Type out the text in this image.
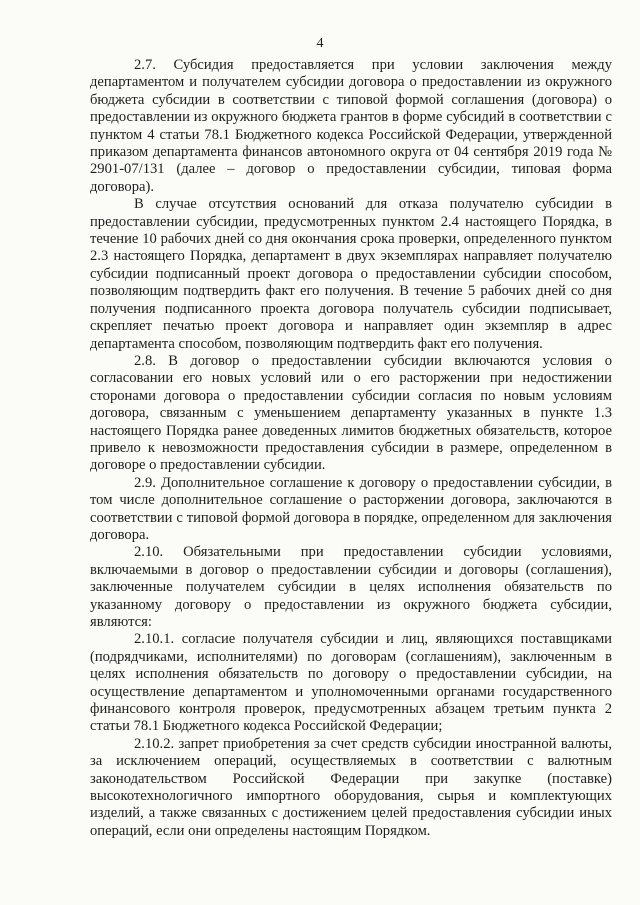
4

2.7. Субсидия предоставляется при условии заключения между департаментом и получателем субсидии договора о предоставлении из окружного бюджета субсидии в соответствии с типовой формой соглашения (договора) о предоставлении из окружного бюджета грантов в форме субсидий в соответствии с пунктом 4 статьи 78.1 Бюджетного кодекса Российской Федерации, утвержденной приказом департамента финансов автономного округа от 04 сентября 2019 года № 2901-07/131 (далее – договор о предоставлении субсидии, типовая форма договора).

В случае отсутствия оснований для отказа получателю субсидии в предоставлении субсидии, предусмотренных пунктом 2.4 настоящего Порядка, в течение 10 рабочих дней со дня окончания срока проверки, определенного пунктом 2.3 настоящего Порядка, департамент в двух экземплярах направляет получателю субсидии подписанный проект договора о предоставлении субсидии способом, позволяющим подтвердить факт его получения. В течение 5 рабочих дней со дня получения подписанного проекта договора получатель субсидии подписывает, скрепляет печатью проект договора и направляет один экземпляр в адрес департамента способом, позволяющим подтвердить факт его получения.

2.8. В договор о предоставлении субсидии включаются условия о согласовании его новых условий или о его расторжении при недостижении сторонами договора о предоставлении субсидии согласия по новым условиям договора, связанным с уменьшением департаменту указанных в пункте 1.3 настоящего Порядка ранее доведенных лимитов бюджетных обязательств, которое привело к невозможности предоставления субсидии в размере, определенном в договоре о предоставлении субсидии.

2.9. Дополнительное соглашение к договору о предоставлении субсидии, в том числе дополнительное соглашение о расторжении договора, заключаются в соответствии с типовой формой договора в порядке, определенном для заключения договора.

2.10. Обязательными при предоставлении субсидии условиями, включаемыми в договор о предоставлении субсидии и договоры (соглашения), заключенные получателем субсидии в целях исполнения обязательств по указанному договору о предоставлении из окружного бюджета субсидии, являются:

2.10.1. согласие получателя субсидии и лиц, являющихся поставщиками (подрядчиками, исполнителями) по договорам (соглашениям), заключенным в целях исполнения обязательств по договору о предоставлении субсидии, на осуществление департаментом и уполномоченными органами государственного финансового контроля проверок, предусмотренных абзацем третьим пункта 2 статьи 78.1 Бюджетного кодекса Российской Федерации;

2.10.2. запрет приобретения за счет средств субсидии иностранной валюты, за исключением операций, осуществляемых в соответствии с валютным законодательством Российской Федерации при закупке (поставке) высокотехнологичного импортного оборудования, сырья и комплектующих изделий, а также связанных с достижением целей предоставления субсидии иных операций, если они определены настоящим Порядком.
